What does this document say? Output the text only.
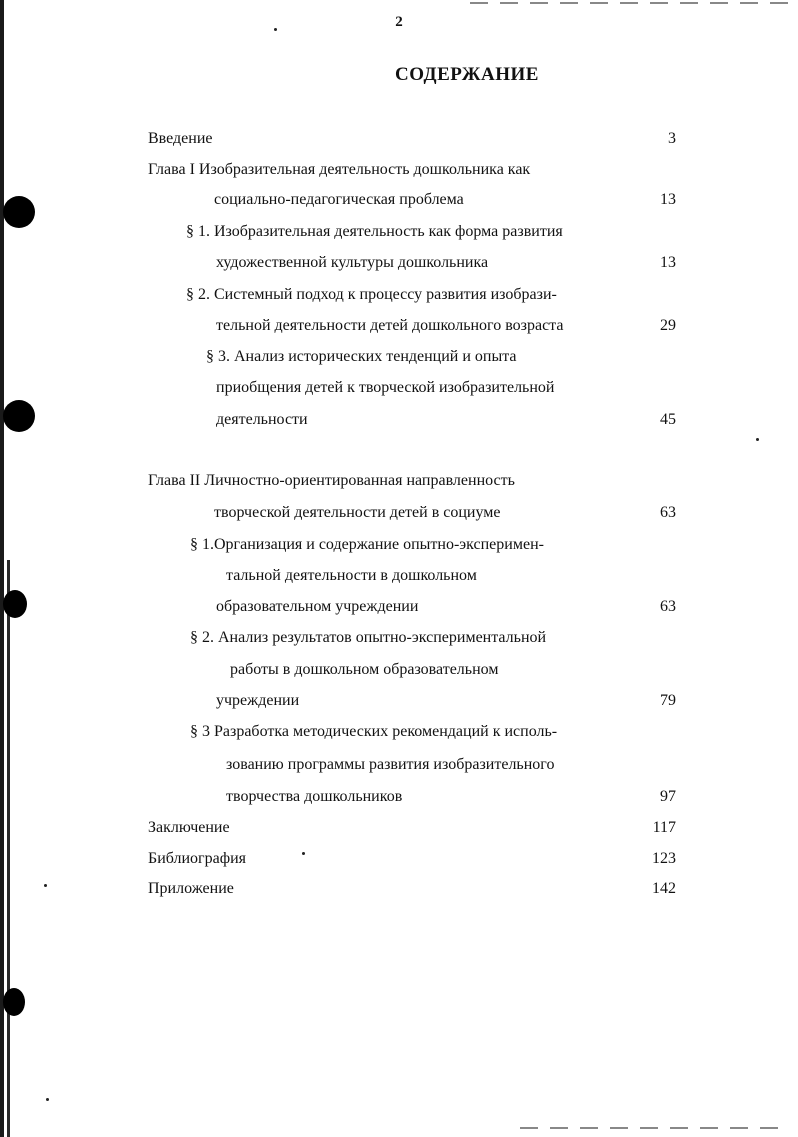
2
СОДЕРЖАНИЕ
Введение	3
Глава I Изобразительная деятельность дошкольника как
социально-педагогическая проблема	13
§ 1. Изобразительная деятельность как форма развития
художественной культуры дошкольника	13
§ 2. Системный подход к процессу развития изобрази-
тельной деятельности детей дошкольного возраста	29
§ 3. Анализ исторических тенденций и опыта
приобщения детей к творческой изобразительной
деятельности	45
Глава II Личностно-ориентированная направленность
творческой деятельности детей в социуме	63
§ 1.Организация и содержание опытно-эксперимен-
тальной деятельности в дошкольном
образовательном учреждении	63
§ 2. Анализ результатов опытно-экспериментальной
работы в дошкольном образовательном
учреждении	79
§ 3 Разработка методических рекомендаций к исполь-
зованию программы развития изобразительного
творчества дошкольников	97
Заключение	117
Библиография	123
Приложение	142
